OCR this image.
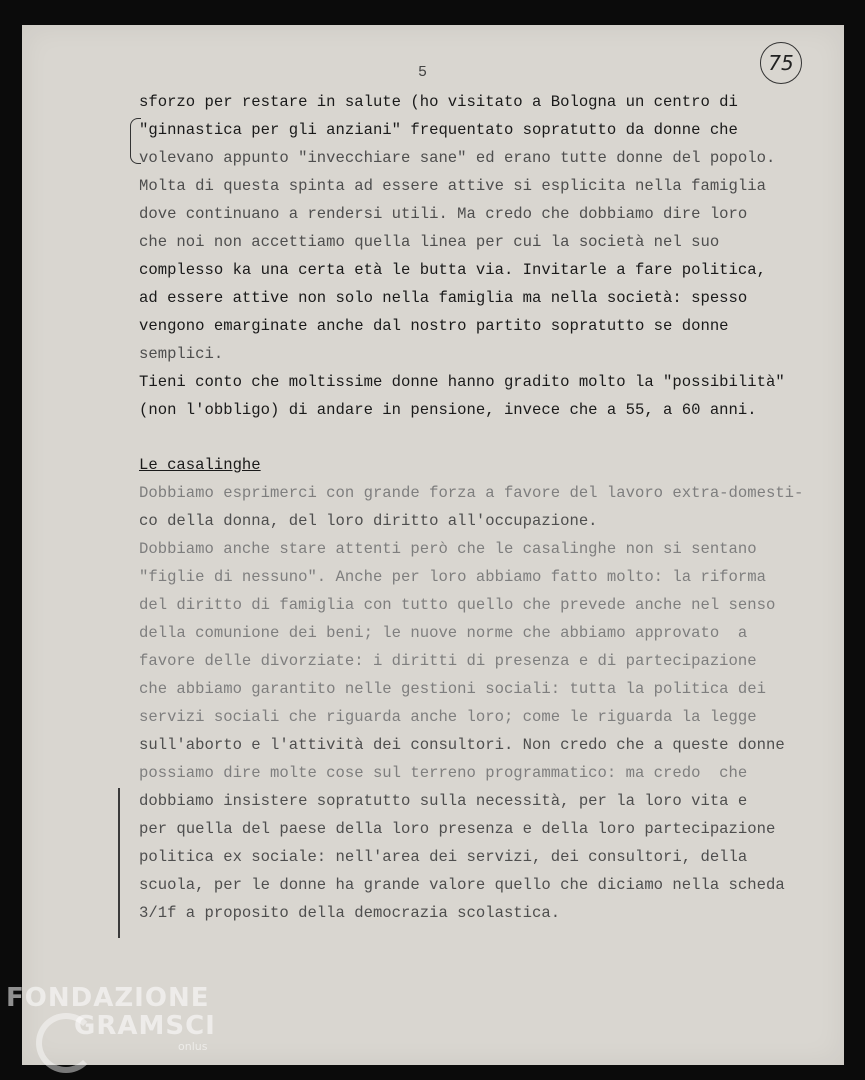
5	75
sforzo per restare in salute (ho visitato a Bologna un centro di
"ginnastica per gli anziani" frequentato sopratutto da donne che
volevano appunto "invecchiare sane" ed erano tutte donne del popolo.
Molta di questa spinta ad essere attive si esplicita nella famiglia
dove continuano a rendersi utili. Ma credo che dobbiamo dire loro
che noi non accettiamo quella linea per cui la società nel suo
complesso ka una certa età le butta via. Invitarle a fare politica,
ad essere attive non solo nella famiglia ma nella società: spesso
vengono emarginate anche dal nostro partito sopratutto se donne
semplici.
Tieni conto che moltissime donne hanno gradito molto la "possibilità"
(non l'obbligo) di andare in pensione, invece che a 55, a 60 anni.
Le casalinghe
Dobbiamo esprimerci con grande forza a favore del lavoro extra-domesti-
co della donna, del loro diritto all'occupazione.
Dobbiamo anche stare attenti però che le casalinghe non si sentano
"figlie di nessuno". Anche per loro abbiamo fatto molto: la riforma
del diritto di famiglia con tutto quello che prevede anche nel senso
della comunione dei beni; le nuove norme che abbiamo approvato  a
favore delle divorziate: i diritti di presenza e di partecipazione
che abbiamo garantito nelle gestioni sociali: tutta la politica dei
servizi sociali che riguarda anche loro; come le riguarda la legge
sull'aborto e l'attività dei consultori. Non credo che a queste donne
possiamo dire molte cose sul terreno programmatico: ma credo  che
dobbiamo insistere sopratutto sulla necessità, per la loro vita e
per quella del paese della loro presenza e della loro partecipazione
politica ex sociale: nell'area dei servizi, dei consultori, della
scuola, per le donne ha grande valore quello che diciamo nella scheda
3/1f a proposito della democrazia scolastica.
FONDAZIONE
GRAMSCI
onlus
